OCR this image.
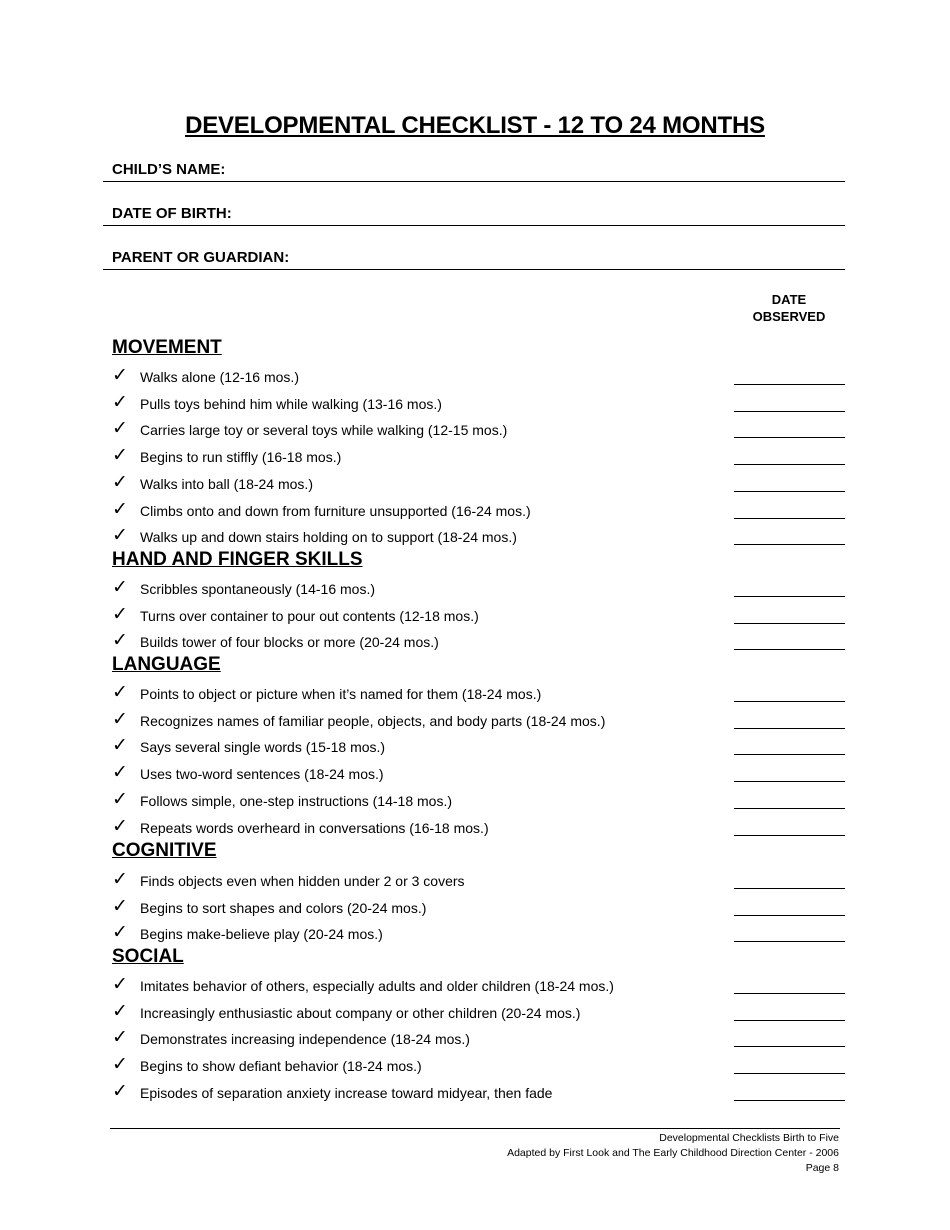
DEVELOPMENTAL CHECKLIST - 12 TO 24 MONTHS
CHILD’S NAME:
DATE OF BIRTH:
PARENT OR GUARDIAN:
DATE
OBSERVED
MOVEMENT
✓ Walks alone (12-16 mos.)
✓ Pulls toys behind him while walking (13-16 mos.)
✓ Carries large toy or several toys while walking (12-15 mos.)
✓ Begins to run stiffly (16-18 mos.)
✓ Walks into ball (18-24 mos.)
✓ Climbs onto and down from furniture unsupported (16-24 mos.)
✓ Walks up and down stairs holding on to support (18-24 mos.)
HAND AND FINGER SKILLS
✓ Scribbles spontaneously (14-16 mos.)
✓ Turns over container to pour out contents (12-18 mos.)
✓ Builds tower of four blocks or more (20-24 mos.)
LANGUAGE
✓ Points to object or picture when it’s named for them (18-24 mos.)
✓ Recognizes names of familiar people, objects, and body parts (18-24 mos.)
✓ Says several single words (15-18 mos.)
✓ Uses two-word sentences (18-24 mos.)
✓ Follows simple, one-step instructions (14-18 mos.)
✓ Repeats words overheard in conversations (16-18 mos.)
COGNITIVE
✓ Finds objects even when hidden under 2 or 3 covers
✓ Begins to sort shapes and colors (20-24 mos.)
✓ Begins make-believe play (20-24 mos.)
SOCIAL
✓ Imitates behavior of others, especially adults and older children (18-24 mos.)
✓ Increasingly enthusiastic about company or other children (20-24 mos.)
✓ Demonstrates increasing independence (18-24 mos.)
✓ Begins to show defiant behavior (18-24 mos.)
✓ Episodes of separation anxiety increase toward midyear, then fade
Developmental Checklists Birth to Five
Adapted by First Look and The Early Childhood Direction Center - 2006
Page 8
